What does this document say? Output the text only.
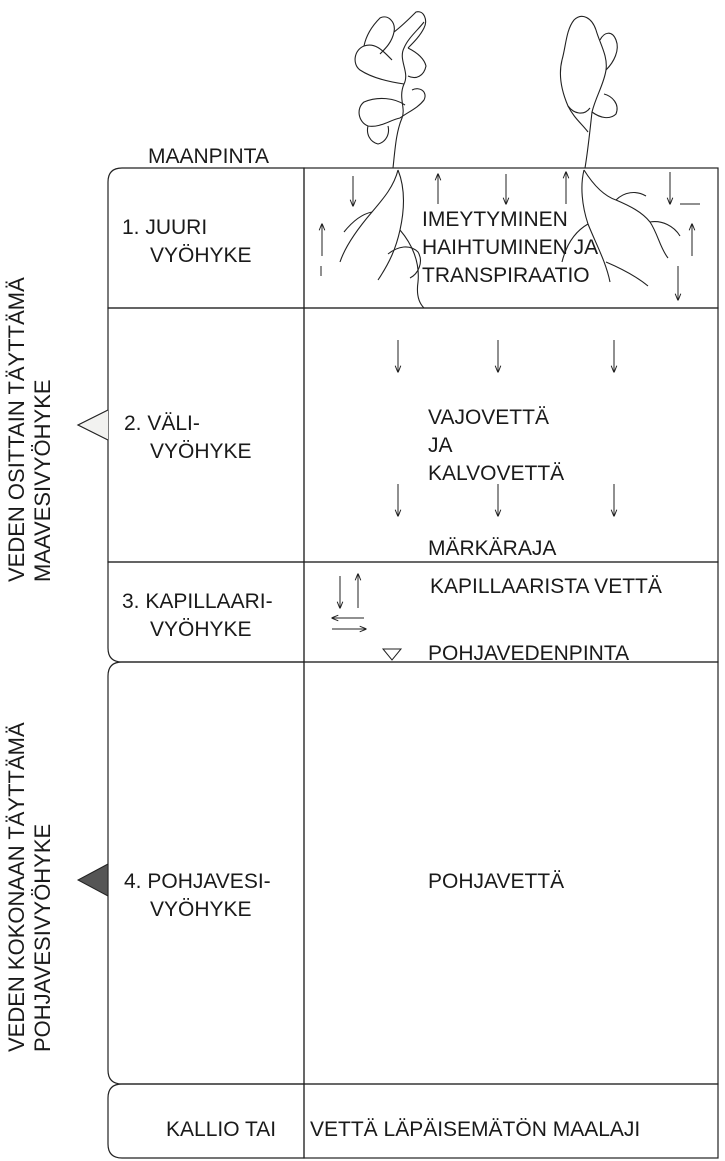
1. JUURI
VYÖHYKE
IMEYTYMINEN
HAIHTUMINEN JA
TRANSPIRAATIO
MAANPINTA
2. VÄLI-
VYÖHYKE
VAJOVETTÄ
JA
KALVOVETTÄ
MÄRKÄRAJA
3. KAPILLAARI-
VYÖHYKE
KAPILLAARISTA VETTÄ
POHJAVEDENPINTA
4. POHJAVESI-
VYÖHYKE
POHJAVETTÄ
KALLIO TAI VETTÄ LÄPÄISEMÄTÖN MAALAJI
VEDEN OSITTAIN TÄYTTÄMÄ MAAVESIVYÖHYKE
VEDEN KOKONAAN TÄYTTÄMÄ POHJAVESIVYÖHYKE
